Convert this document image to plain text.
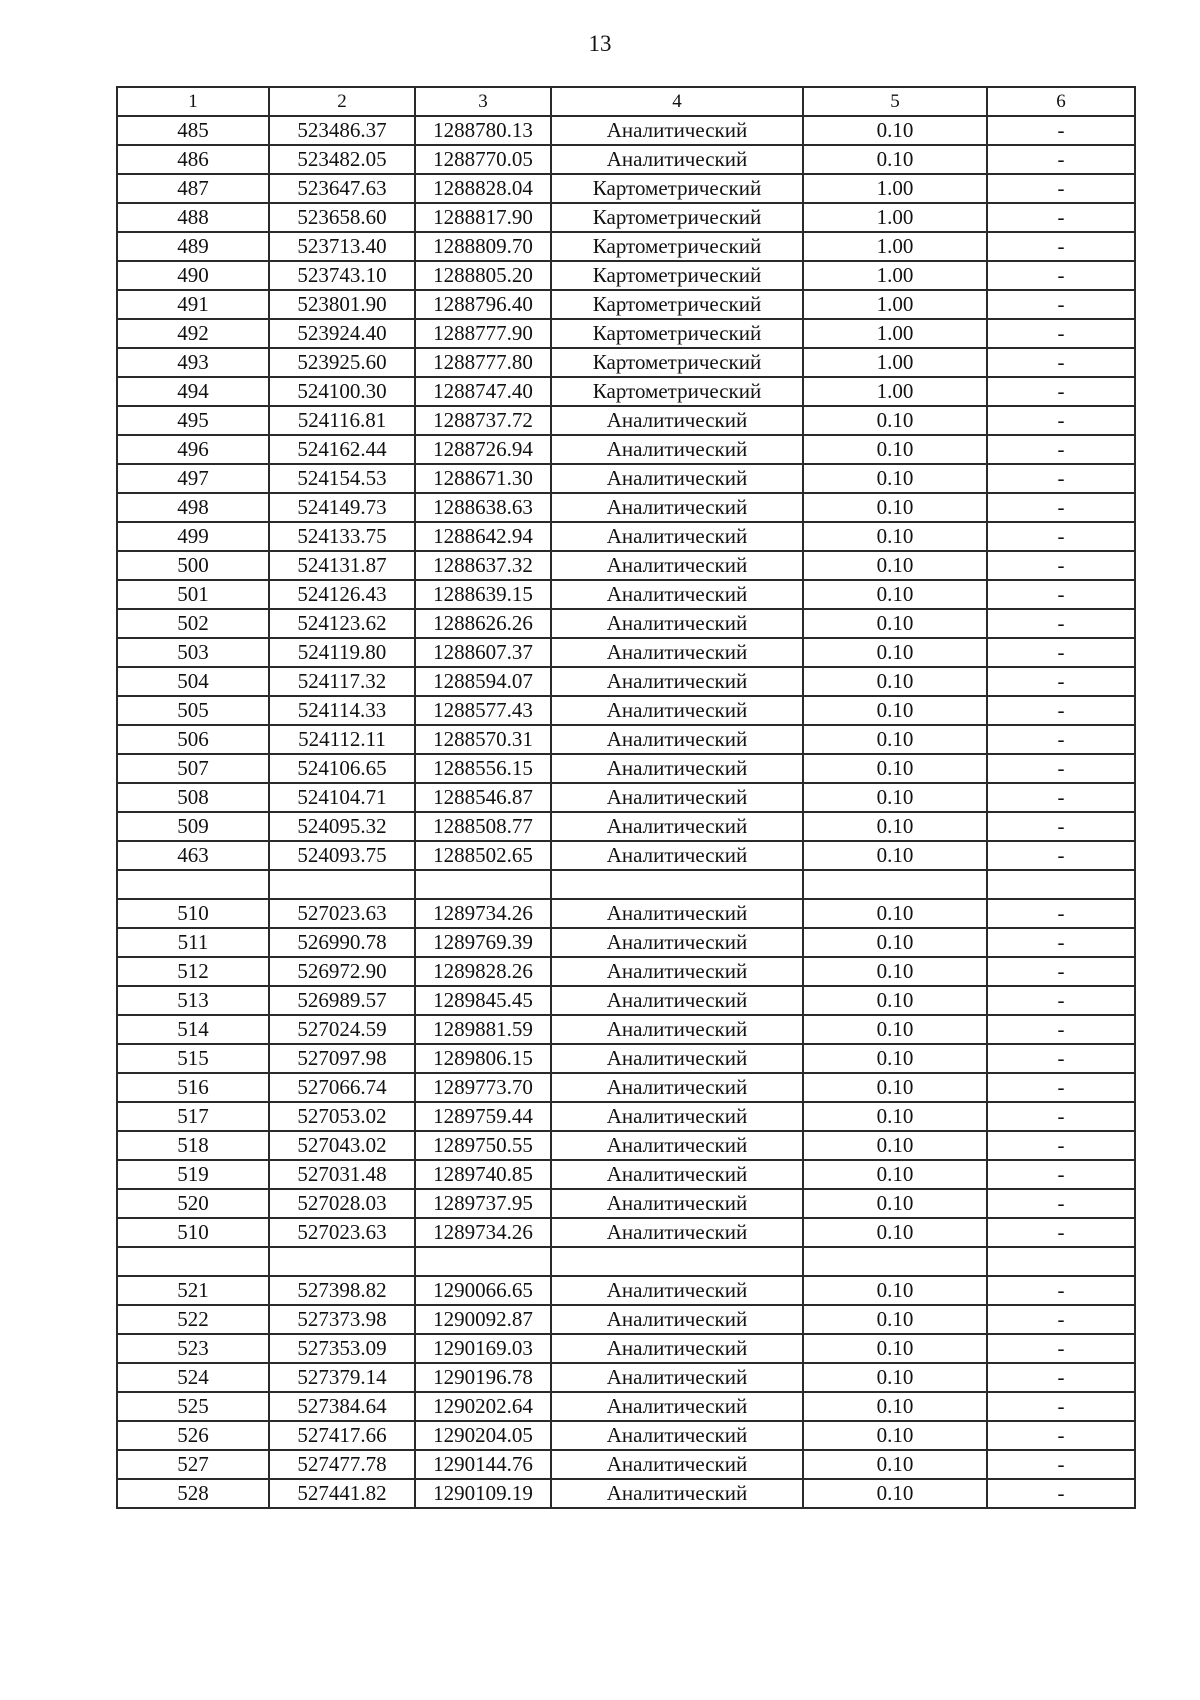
13
1	2	3	4	5	6
485	523486.37	1288780.13	Аналитический	0.10	-
486	523482.05	1288770.05	Аналитический	0.10	-
487	523647.63	1288828.04	Картометрический	1.00	-
488	523658.60	1288817.90	Картометрический	1.00	-
489	523713.40	1288809.70	Картометрический	1.00	-
490	523743.10	1288805.20	Картометрический	1.00	-
491	523801.90	1288796.40	Картометрический	1.00	-
492	523924.40	1288777.90	Картометрический	1.00	-
493	523925.60	1288777.80	Картометрический	1.00	-
494	524100.30	1288747.40	Картометрический	1.00	-
495	524116.81	1288737.72	Аналитический	0.10	-
496	524162.44	1288726.94	Аналитический	0.10	-
497	524154.53	1288671.30	Аналитический	0.10	-
498	524149.73	1288638.63	Аналитический	0.10	-
499	524133.75	1288642.94	Аналитический	0.10	-
500	524131.87	1288637.32	Аналитический	0.10	-
501	524126.43	1288639.15	Аналитический	0.10	-
502	524123.62	1288626.26	Аналитический	0.10	-
503	524119.80	1288607.37	Аналитический	0.10	-
504	524117.32	1288594.07	Аналитический	0.10	-
505	524114.33	1288577.43	Аналитический	0.10	-
506	524112.11	1288570.31	Аналитический	0.10	-
507	524106.65	1288556.15	Аналитический	0.10	-
508	524104.71	1288546.87	Аналитический	0.10	-
509	524095.32	1288508.77	Аналитический	0.10	-
463	524093.75	1288502.65	Аналитический	0.10	-

510	527023.63	1289734.26	Аналитический	0.10	-
511	526990.78	1289769.39	Аналитический	0.10	-
512	526972.90	1289828.26	Аналитический	0.10	-
513	526989.57	1289845.45	Аналитический	0.10	-
514	527024.59	1289881.59	Аналитический	0.10	-
515	527097.98	1289806.15	Аналитический	0.10	-
516	527066.74	1289773.70	Аналитический	0.10	-
517	527053.02	1289759.44	Аналитический	0.10	-
518	527043.02	1289750.55	Аналитический	0.10	-
519	527031.48	1289740.85	Аналитический	0.10	-
520	527028.03	1289737.95	Аналитический	0.10	-
510	527023.63	1289734.26	Аналитический	0.10	-

521	527398.82	1290066.65	Аналитический	0.10	-
522	527373.98	1290092.87	Аналитический	0.10	-
523	527353.09	1290169.03	Аналитический	0.10	-
524	527379.14	1290196.78	Аналитический	0.10	-
525	527384.64	1290202.64	Аналитический	0.10	-
526	527417.66	1290204.05	Аналитический	0.10	-
527	527477.78	1290144.76	Аналитический	0.10	-
528	527441.82	1290109.19	Аналитический	0.10	-
